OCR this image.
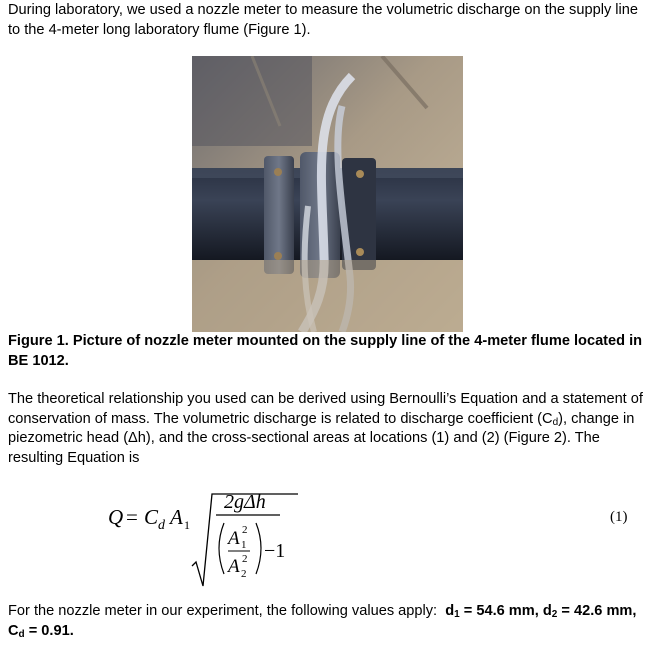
During laboratory, we used a nozzle meter to measure the volumetric discharge on the supply line to the 4-meter long laboratory flume (Figure 1).

Figure 1. Picture of nozzle meter mounted on the supply line of the 4-meter flume located in BE 1012.

The theoretical relationship you used can be derived using Bernoulli’s Equation and a statement of conservation of mass. The volumetric discharge is related to discharge coefficient $(C_d)$, change in piezometric head (Δh), and the cross-sectional areas at locations (1) and (2) (Figure 2). The resulting Equation is

Q = C d A 1
2gΔh
A 1
2
A 2
2 −1
(1)

For the nozzle meter in our experiment, the following values apply: $d_1 = 54.6$ mm, $d_2 = 42.6$ mm, $C_d = 0.91$.
